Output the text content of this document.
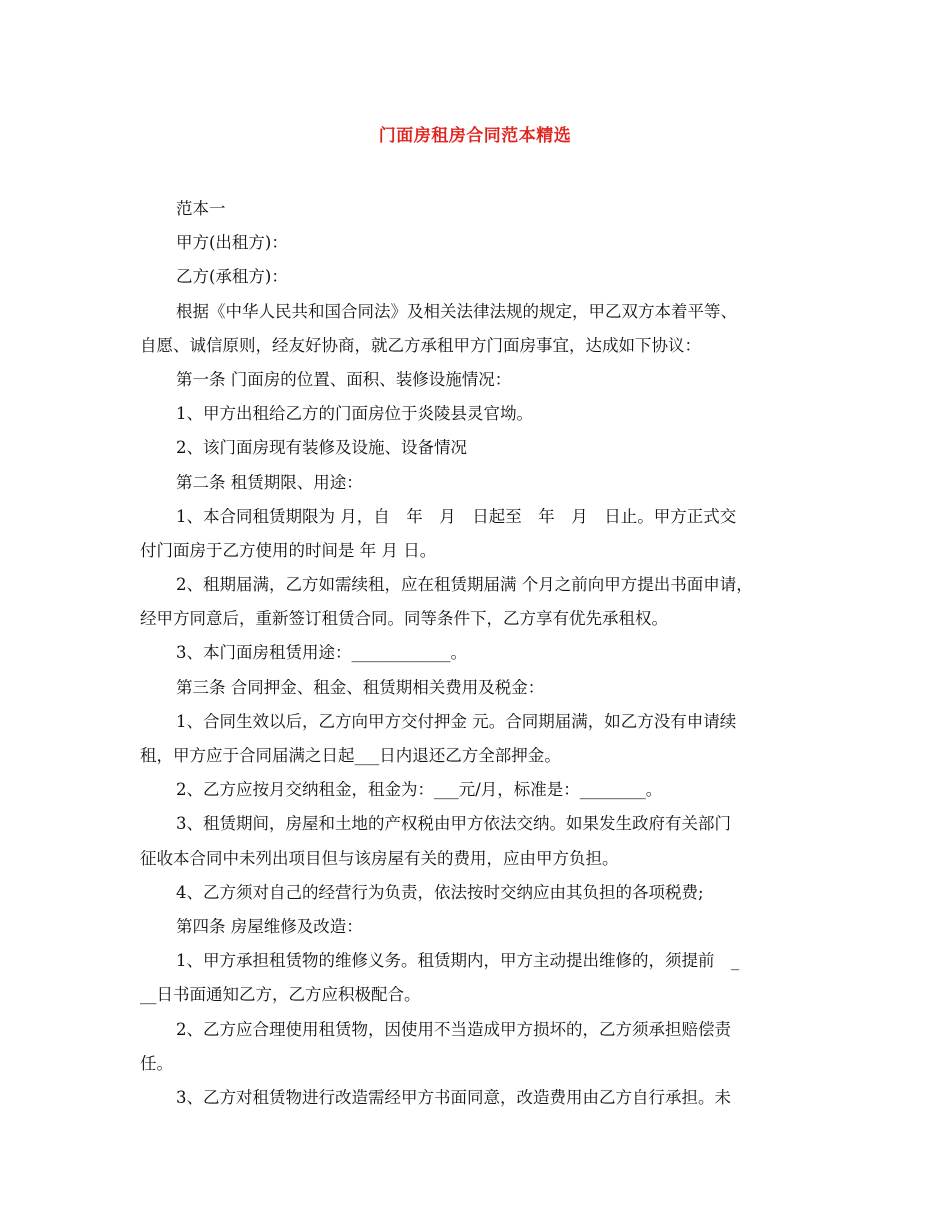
门面房租房合同范本精选
范本一
甲方(出租方)：
乙方(承租方)：
根据《中华人民共和国合同法》及相关法律法规的规定，甲乙双方本着平等、
自愿、诚信原则，经友好协商，就乙方承租甲方门面房事宜，达成如下协议：
第一条 门面房的位置、面积、装修设施情况：
1、甲方出租给乙方的门面房位于炎陵县灵官坳。
2、该门面房现有装修及设施、设备情况
第二条 租赁期限、用途：
1、本合同租赁期限为 月，自　年　月　日起至　年　月　日止。甲方正式交
付门面房于乙方使用的时间是 年 月 日。
2、租期届满，乙方如需续租，应在租赁期届满 个月之前向甲方提出书面申请，
经甲方同意后，重新签订租赁合同。同等条件下，乙方享有优先承租权。
3、本门面房租赁用途：____________。
第三条 合同押金、租金、租赁期相关费用及税金：
1、合同生效以后，乙方向甲方交付押金 元。合同期届满，如乙方没有申请续
租，甲方应于合同届满之日起___日内退还乙方全部押金。
2、乙方应按月交纳租金，租金为：___元/月，标准是：________。
3、租赁期间，房屋和土地的产权税由甲方依法交纳。如果发生政府有关部门
征收本合同中未列出项目但与该房屋有关的费用，应由甲方负担。
4、乙方须对自己的经营行为负责，依法按时交纳应由其负担的各项税费;
第四条 房屋维修及改造：
1、甲方承担租赁物的维修义务。租赁期内，甲方主动提出维修的，须提前　_
__日书面通知乙方，乙方应积极配合。
2、乙方应合理使用租赁物，因使用不当造成甲方损坏的，乙方须承担赔偿责
任。
3、乙方对租赁物进行改造需经甲方书面同意，改造费用由乙方自行承担。未
